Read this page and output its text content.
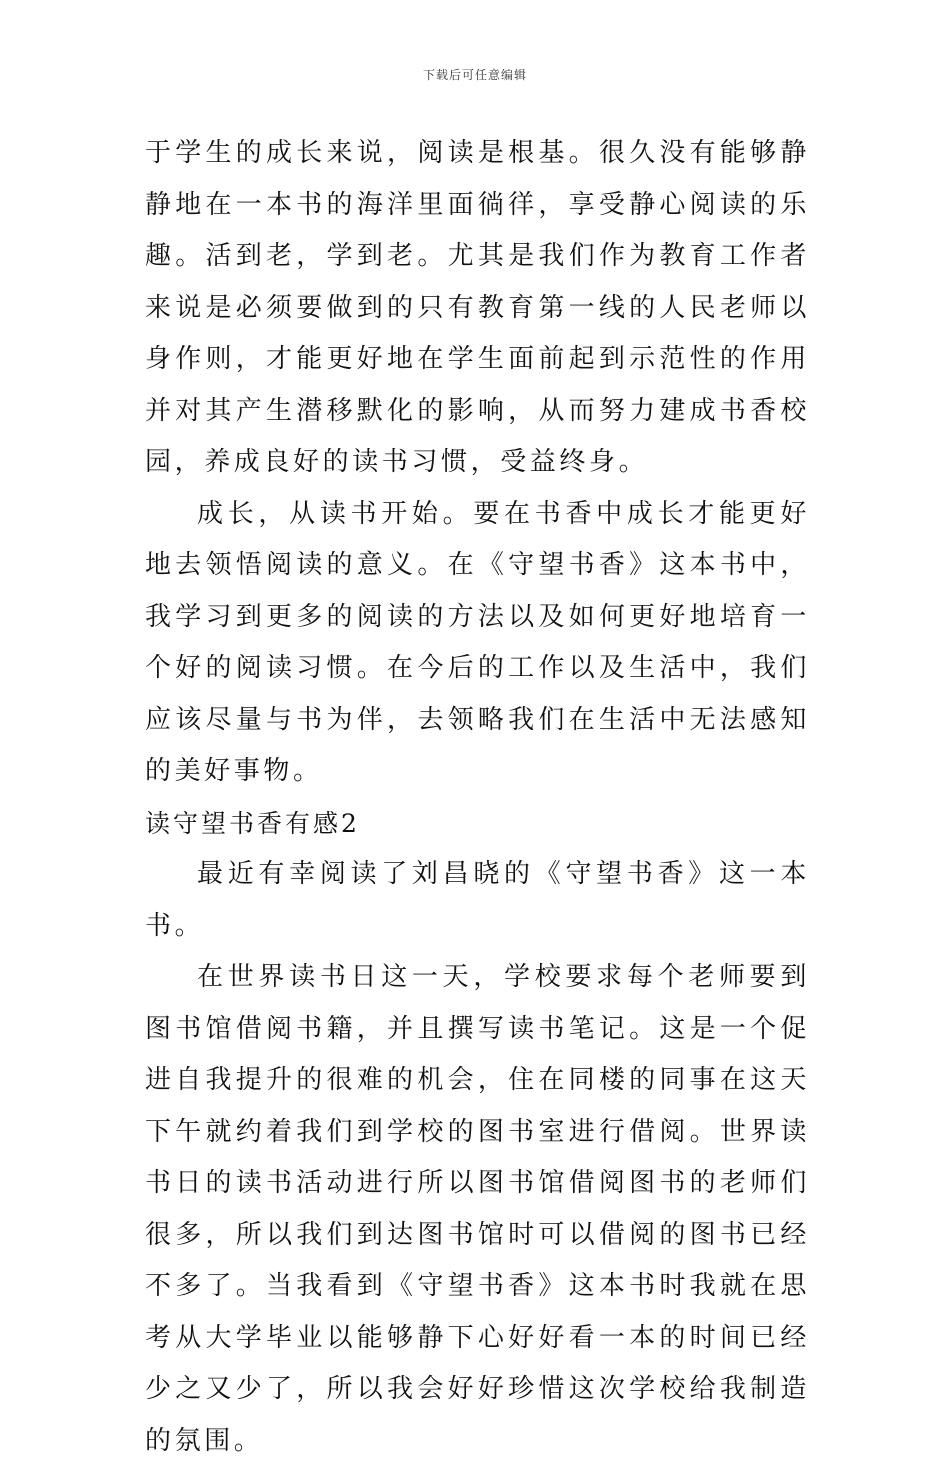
下载后可任意编辑

于学生的成长来说，阅读是根基。很久没有能够静静地在一本书的海洋里面徜徉，享受静心阅读的乐趣。活到老，学到老。尤其是我们作为教育工作者来说是必须要做到的只有教育第一线的人民老师以身作则，才能更好地在学生面前起到示范性的作用并对其产生潜移默化的影响，从而努力建成书香校园，养成良好的读书习惯，受益终身。

成长，从读书开始。要在书香中成长才能更好地去领悟阅读的意义。在《守望书香》这本书中，我学习到更多的阅读的方法以及如何更好地培育一个好的阅读习惯。在今后的工作以及生活中，我们应该尽量与书为伴，去领略我们在生活中无法感知的美好事物。

读守望书香有感2

最近有幸阅读了刘昌晓的《守望书香》这一本书。

在世界读书日这一天，学校要求每个老师要到图书馆借阅书籍，并且撰写读书笔记。这是一个促进自我提升的很难的机会，住在同楼的同事在这天下午就约着我们到学校的图书室进行借阅。世界读书日的读书活动进行所以图书馆借阅图书的老师们很多，所以我们到达图书馆时可以借阅的图书已经不多了。当我看到《守望书香》这本书时我就在思考从大学毕业以能够静下心好好看一本的时间已经少之又少了，所以我会好好珍惜这次学校给我制造的氛围。
